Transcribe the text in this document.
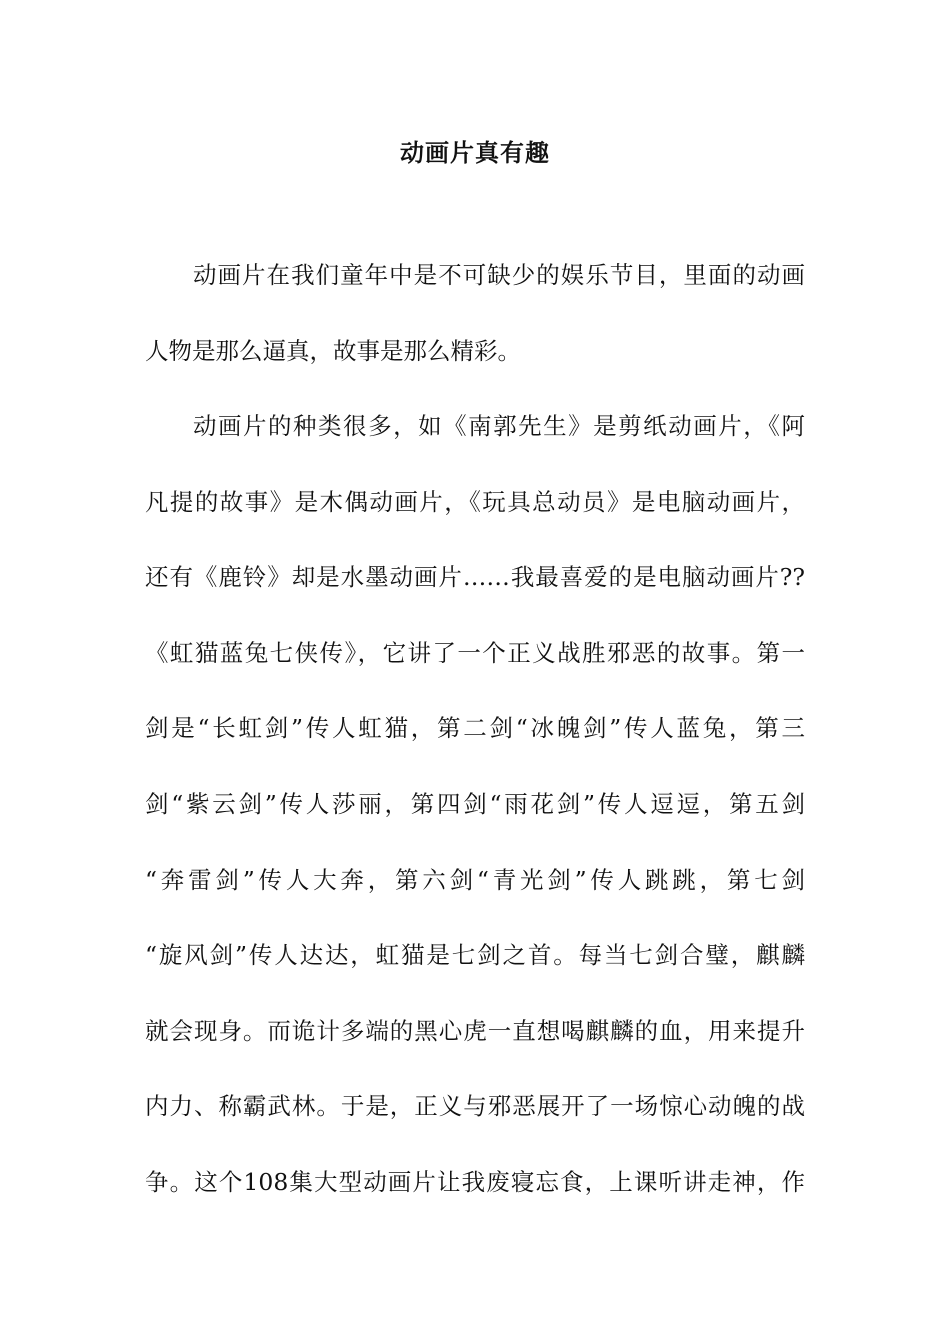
动画片真有趣
动画片在我们童年中是不可缺少的娱乐节目，里面的动画
人物是那么逼真，故事是那么精彩。
动画片的种类很多，如《南郭先生》是剪纸动画片，《阿
凡提的故事》是木偶动画片，《玩具总动员》是电脑动画片，
还有《鹿铃》却是水墨动画片……我最喜爱的是电脑动画片??
《虹猫蓝兔七侠传》，它讲了一个正义战胜邪恶的故事。第一
剑是“长虹剑”传人虹猫，第二剑“冰魄剑”传人蓝兔，第三
剑“紫云剑”传人莎丽，第四剑“雨花剑”传人逗逗，第五剑
“奔雷剑”传人大奔，第六剑“青光剑”传人跳跳，第七剑
“旋风剑”传人达达，虹猫是七剑之首。每当七剑合璧，麒麟
就会现身。而诡计多端的黑心虎一直想喝麒麟的血，用来提升
内力、称霸武林。于是，正义与邪恶展开了一场惊心动魄的战
争。这个108集大型动画片让我废寝忘食，上课听讲走神，作
